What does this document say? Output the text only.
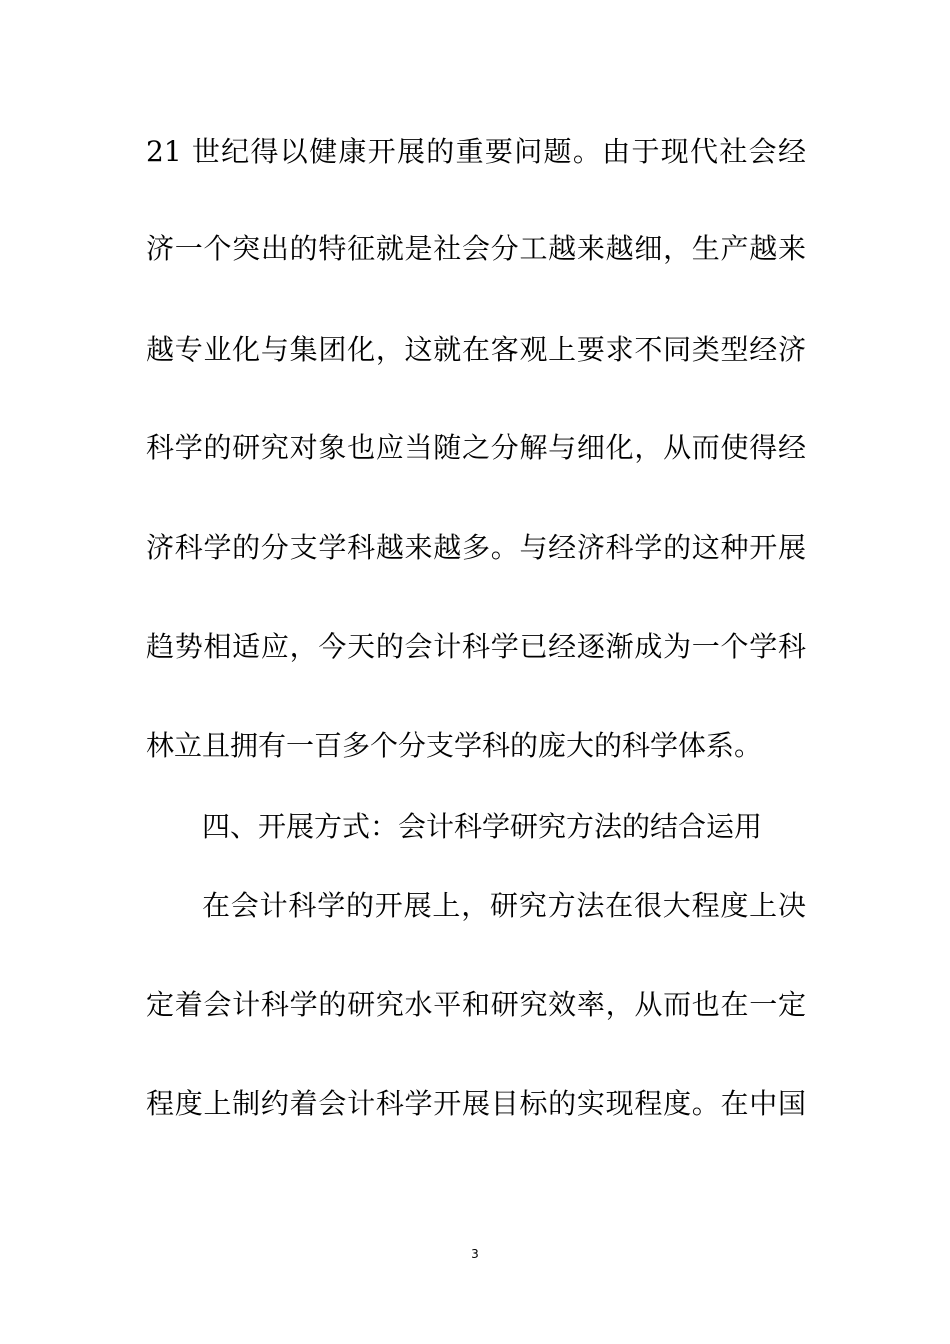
21 世纪得以健康开展的重要问题。由于现代社会经
济一个突出的特征就是社会分工越来越细，生产越来
越专业化与集团化，这就在客观上要求不同类型经济
科学的研究对象也应当随之分解与细化，从而使得经
济科学的分支学科越来越多。与经济科学的这种开展
趋势相适应，今天的会计科学已经逐渐成为一个学科
林立且拥有一百多个分支学科的庞大的科学体系。
四、开展方式：会计科学研究方法的结合运用
在会计科学的开展上，研究方法在很大程度上决
定着会计科学的研究水平和研究效率，从而也在一定
程度上制约着会计科学开展目标的实现程度。在中国
3
